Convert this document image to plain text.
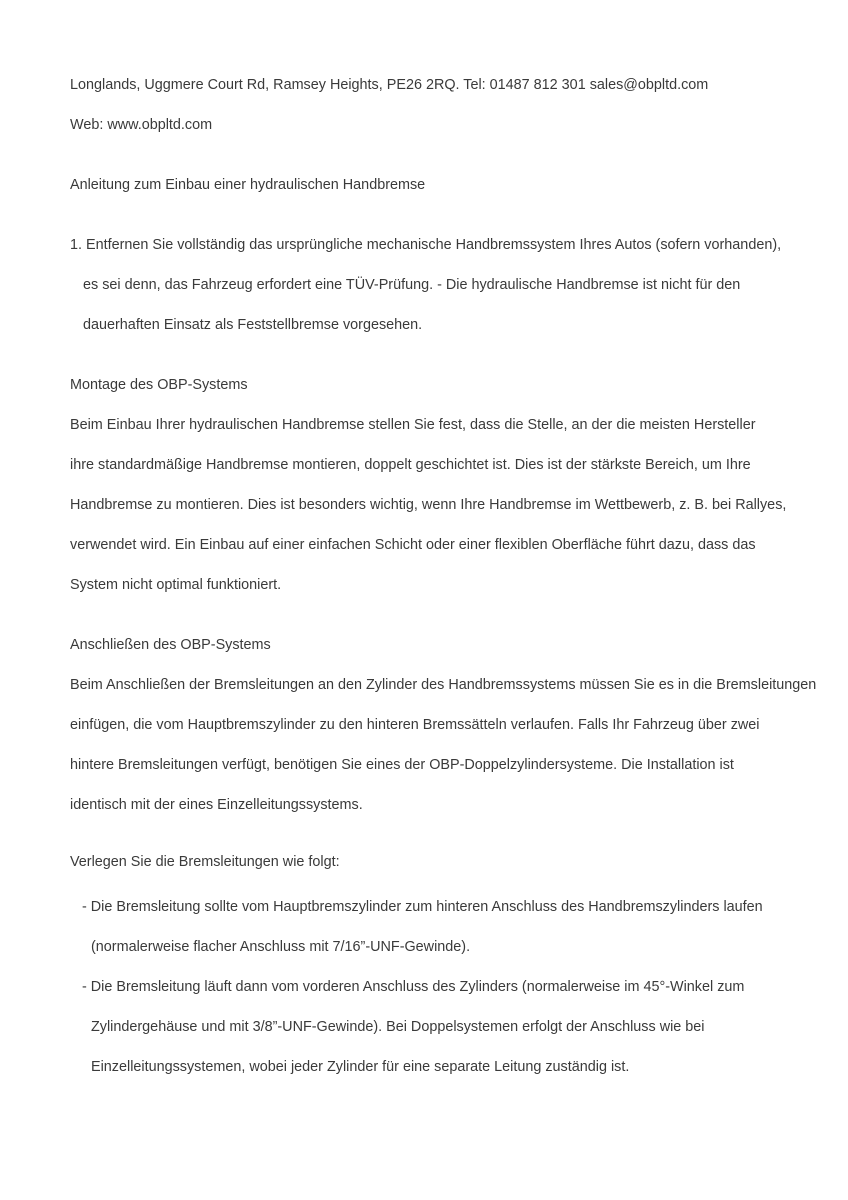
Longlands, Uggmere Court Rd, Ramsey Heights, PE26 2RQ. Tel: 01487 812 301 sales@obpltd.com

Web: www.obpltd.com

Anleitung zum Einbau einer hydraulischen Handbremse

1. Entfernen Sie vollständig das ursprüngliche mechanische Handbremssystem Ihres Autos (sofern vorhanden),

es sei denn, das Fahrzeug erfordert eine TÜV-Prüfung. - Die hydraulische Handbremse ist nicht für den

dauerhaften Einsatz als Feststellbremse vorgesehen.

Montage des OBP-Systems

Beim Einbau Ihrer hydraulischen Handbremse stellen Sie fest, dass die Stelle, an der die meisten Hersteller

ihre standardmäßige Handbremse montieren, doppelt geschichtet ist. Dies ist der stärkste Bereich, um Ihre

Handbremse zu montieren. Dies ist besonders wichtig, wenn Ihre Handbremse im Wettbewerb, z. B. bei Rallyes,

verwendet wird. Ein Einbau auf einer einfachen Schicht oder einer flexiblen Oberfläche führt dazu, dass das

System nicht optimal funktioniert.

Anschließen des OBP-Systems

Beim Anschließen der Bremsleitungen an den Zylinder des Handbremssystems müssen Sie es in die Bremsleitungen

einfügen, die vom Hauptbremszylinder zu den hinteren Bremssätteln verlaufen. Falls Ihr Fahrzeug über zwei

hintere Bremsleitungen verfügt, benötigen Sie eines der OBP-Doppelzylindersysteme. Die Installation ist

identisch mit der eines Einzelleitungssystems.

Verlegen Sie die Bremsleitungen wie folgt:

- Die Bremsleitung sollte vom Hauptbremszylinder zum hinteren Anschluss des Handbremszylinders laufen

(normalerweise flacher Anschluss mit 7/16”-UNF-Gewinde).

- Die Bremsleitung läuft dann vom vorderen Anschluss des Zylinders (normalerweise im 45°-Winkel zum

Zylindergehäuse und mit 3/8”-UNF-Gewinde). Bei Doppelsystemen erfolgt der Anschluss wie bei

Einzelleitungssystemen, wobei jeder Zylinder für eine separate Leitung zuständig ist.
